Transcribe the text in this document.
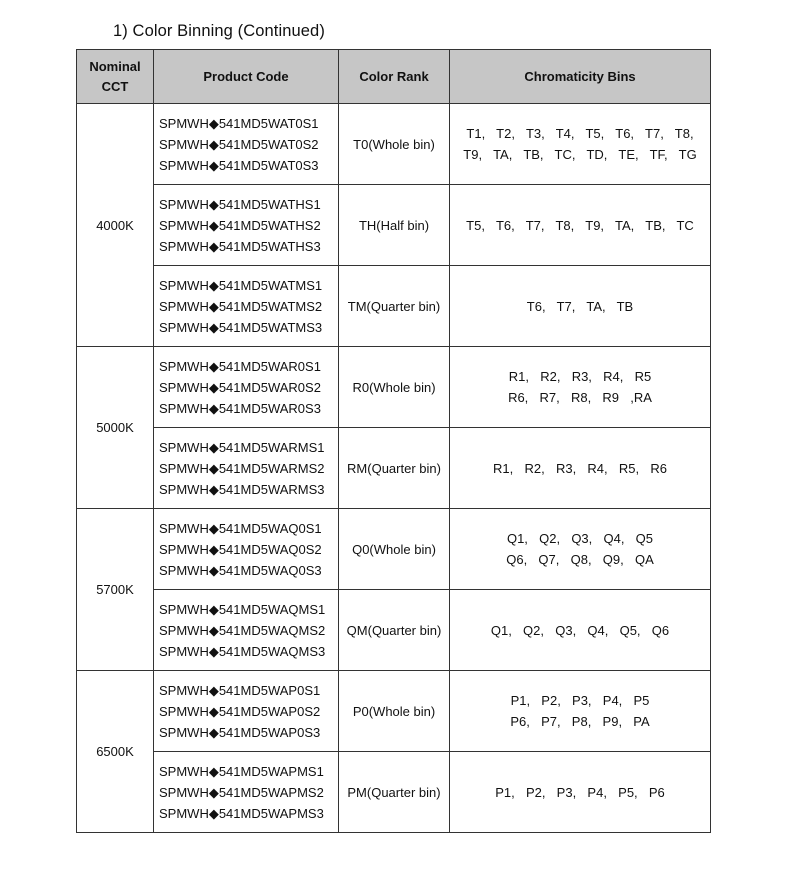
1) Color Binning (Continued)
Nominal
CCT	Product Code	Color Rank	Chromaticity Bins
4000K	SPMWH◆541MD5WAT0S1
SPMWH◆541MD5WAT0S2
SPMWH◆541MD5WAT0S3	T0(Whole bin)	T1,  T2,  T3,  T4,  T5,  T6,  T7,  T8,
T9,  TA,  TB,  TC,  TD,  TE,  TF,  TG

	SPMWH◆541MD5WATHS1
SPMWH◆541MD5WATHS2
SPMWH◆541MD5WATHS3	TH(Half bin)	T5,  T6,  T7,  T8,  T9,  TA,  TB,  TC

	SPMWH◆541MD5WATMS1
SPMWH◆541MD5WATMS2
SPMWH◆541MD5WATMS3	TM(Quarter bin)	T6,  T7,  TA,  TB

5000K	SPMWH◆541MD5WAR0S1
SPMWH◆541MD5WAR0S2
SPMWH◆541MD5WAR0S3	R0(Whole bin)	R1,  R2,  R3,  R4,  R5
R6,  R7,  R8,  R9  ,RA

	SPMWH◆541MD5WARMS1
SPMWH◆541MD5WARMS2
SPMWH◆541MD5WARMS3	RM(Quarter bin)	R1,  R2,  R3,  R4,  R5,  R6

5700K	SPMWH◆541MD5WAQ0S1
SPMWH◆541MD5WAQ0S2
SPMWH◆541MD5WAQ0S3	Q0(Whole bin)	Q1,  Q2,  Q3,  Q4,  Q5
Q6,  Q7,  Q8,  Q9,  QA

	SPMWH◆541MD5WAQMS1
SPMWH◆541MD5WAQMS2
SPMWH◆541MD5WAQMS3	QM(Quarter bin)	Q1,  Q2,  Q3,  Q4,  Q5,  Q6

6500K	SPMWH◆541MD5WAP0S1
SPMWH◆541MD5WAP0S2
SPMWH◆541MD5WAP0S3	P0(Whole bin)	P1,  P2,  P3,  P4,  P5
P6,  P7,  P8,  P9,  PA

	SPMWH◆541MD5WAPMS1
SPMWH◆541MD5WAPMS2
SPMWH◆541MD5WAPMS3	PM(Quarter bin)	P1,  P2,  P3,  P4,  P5,  P6
